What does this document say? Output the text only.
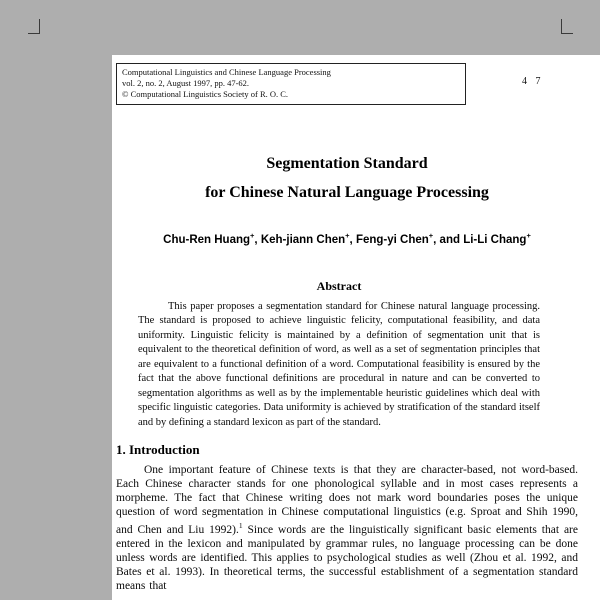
Computational Linguistics and Chinese Language Processing
vol. 2, no. 2, August 1997, pp. 47-62.
© Computational Linguistics Society of R. O. C.
4 7
Segmentation Standard
for Chinese Natural Language Processing
Chu-Ren Huang+, Keh-jiann Chen+, Feng-yi Chen+, and Li-Li Chang+
Abstract

This paper proposes a segmentation standard for Chinese natural language processing. The standard is proposed to achieve linguistic felicity, computational feasibility, and data uniformity. Linguistic felicity is maintained by a definition of segmentation unit that is equivalent to the theoretical definition of word, as well as a set of segmentation principles that are equivalent to a functional definition of a word. Computational feasibility is ensured by the fact that the above functional definitions are procedural in nature and can be converted to segmentation algorithms as well as by the implementable heuristic guidelines which deal with specific linguistic categories. Data uniformity is achieved by stratification of the standard itself and by defining a standard lexicon as part of the standard.

1. Introduction

One important feature of Chinese texts is that they are character-based, not word-based. Each Chinese character stands for one phonological syllable and in most cases represents a morpheme. The fact that Chinese writing does not mark word boundaries poses the unique question of word segmentation in Chinese computational linguistics (e.g. Sproat and Shih 1990, and Chen and Liu 1992).$^1$ Since words are the linguistically significant basic elements that are entered in the lexicon and manipulated by grammar rules, no language processing can be done unless words are identified. This applies to psychological studies as well (Zhou et al. 1992, and Bates et al. 1993). In theoretical terms, the successful establishment of a segmentation standard means that
